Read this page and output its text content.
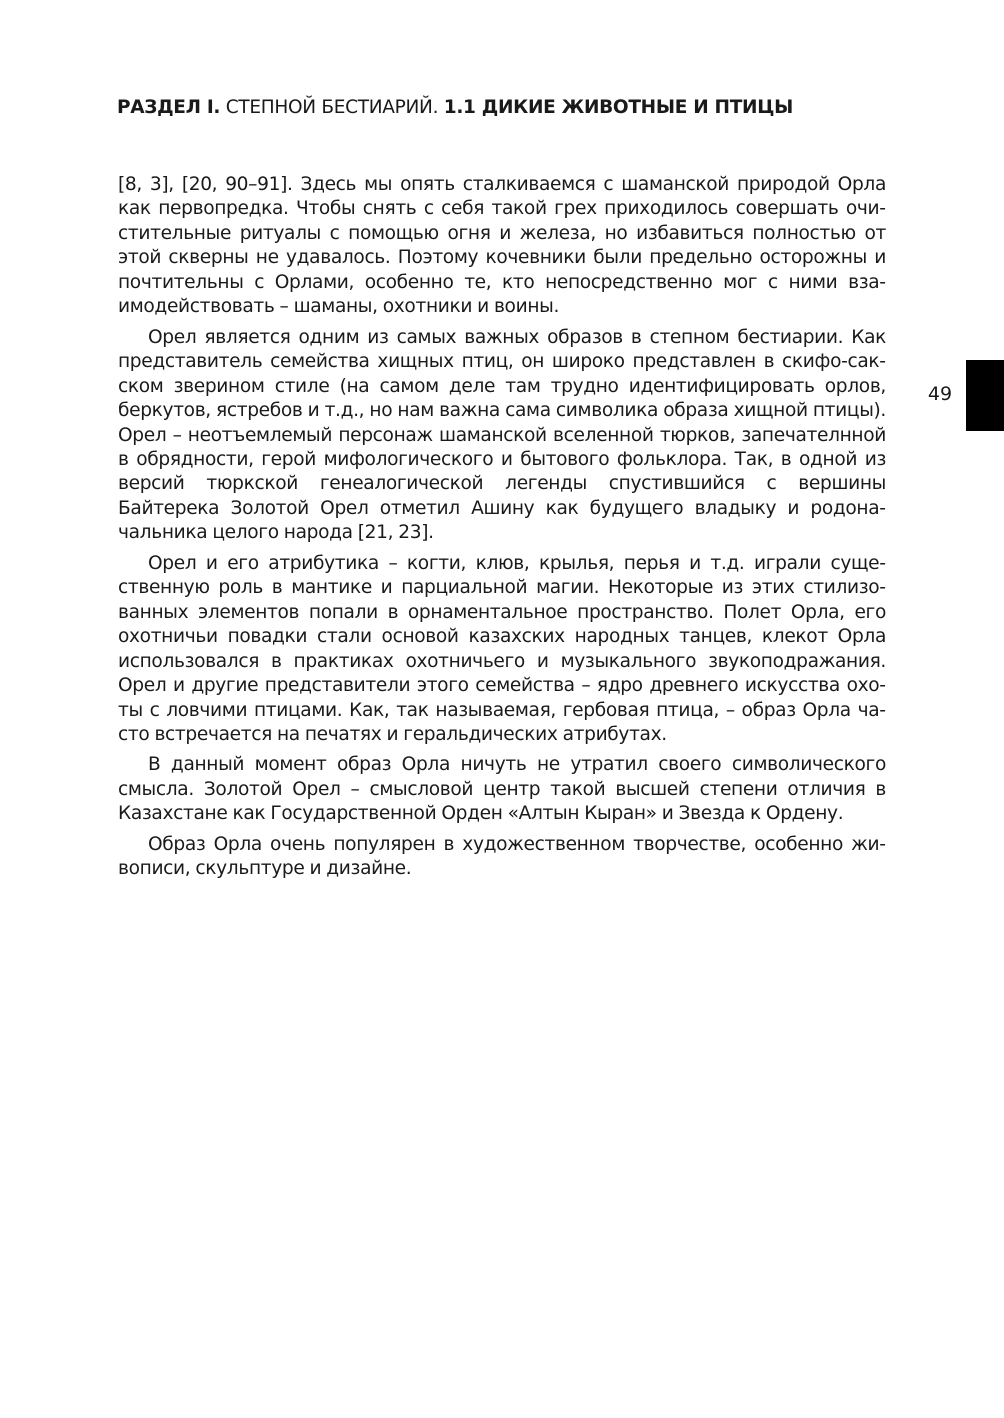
РАЗДЕЛ I. СТЕПНОЙ БЕСТИАРИЙ. 1.1 ДИКИЕ ЖИВОТНЫЕ И ПТИЦЫ

[8, 3], [20, 90–91]. Здесь мы опять сталкиваемся с шаманской природой Орла как первопредка. Чтобы снять с себя такой грех приходилось совершать очистительные ритуалы с помощью огня и железа, но избавиться полностью от этой скверны не удавалось. Поэтому кочевники были предельно осторожны и почтительны с Орлами, особенно те, кто непосредственно мог с ними взаимодействовать – шаманы, охотники и воины.

Орел является одним из самых важных образов в степном бестиарии. Как представитель семейства хищных птиц, он широко представлен в скифо-сакском зверином стиле (на самом деле там трудно идентифицировать орлов, беркутов, ястребов и т.д., но нам важна сама символика образа хищной птицы). Орел – неотъемлемый персонаж шаманской вселенной тюрков, запечателнной в обрядности, герой мифологического и бытового фольклора. Так, в одной из версий тюркской генеалогической легенды спустившийся с вершины Байтерека Золотой Орел отметил Ашину как будущего владыку и родоначальника целого народа [21, 23].

Орел и его атрибутика – когти, клюв, крылья, перья и т.д. играли существенную роль в мантике и парциальной магии. Некоторые из этих стилизованных элементов попали в орнаментальное пространство. Полет Орла, его охотничьи повадки стали основой казахских народных танцев, клекот Орла использовался в практиках охотничьего и музыкального звукоподражания. Орел и другие представители этого семейства – ядро древнего искусства охоты с ловчими птицами. Как, так называемая, гербовая птица, – образ Орла часто встречается на печатях и геральдических атрибутах.

В данный момент образ Орла ничуть не утратил своего символического смысла. Золотой Орел – смысловой центр такой высшей степени отличия в Казахстане как Государственной Орден «Алтын Кыран» и Звезда к Ордену.

Образ Орла очень популярен в художественном творчестве, особенно живописи, скульптуре и дизайне.

49
